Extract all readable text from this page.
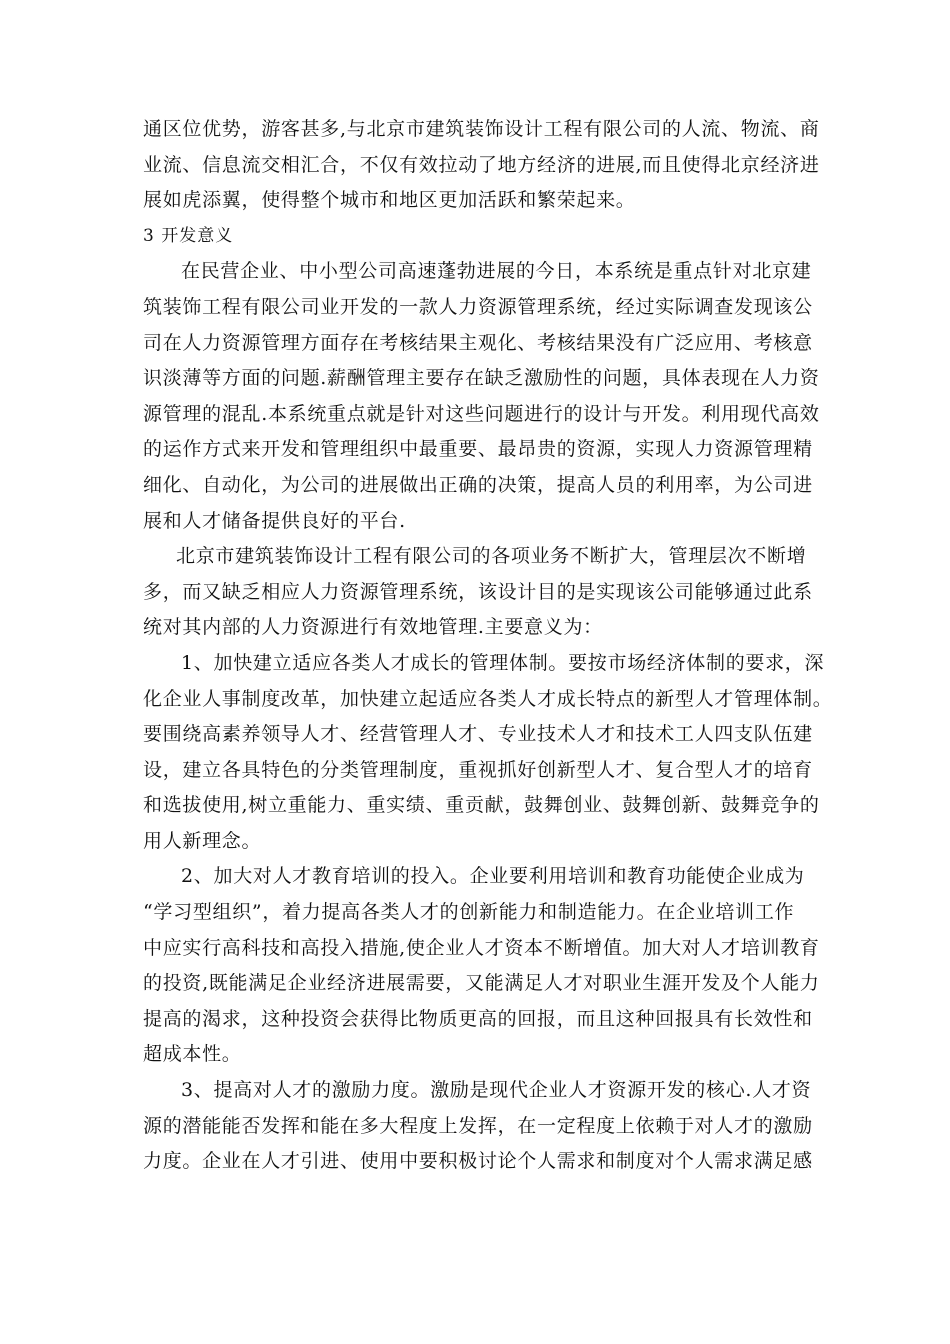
通区位优势，游客甚多,与北京市建筑装饰设计工程有限公司的人流、物流、商
业流、信息流交相汇合，不仅有效拉动了地方经济的进展,而且使得北京经济进
展如虎添翼，使得整个城市和地区更加活跃和繁荣起来。
3 开发意义
在民营企业、中小型公司高速蓬勃进展的今日，本系统是重点针对北京建
筑装饰工程有限公司业开发的一款人力资源管理系统，经过实际调查发现该公
司在人力资源管理方面存在考核结果主观化、考核结果没有广泛应用、考核意
识淡薄等方面的问题.薪酬管理主要存在缺乏激励性的问题，具体表现在人力资
源管理的混乱.本系统重点就是针对这些问题进行的设计与开发。利用现代高效
的运作方式来开发和管理组织中最重要、最昂贵的资源，实现人力资源管理精
细化、自动化，为公司的进展做出正确的决策，提高人员的利用率，为公司进
展和人才储备提供良好的平台.
北京市建筑装饰设计工程有限公司的各项业务不断扩大，管理层次不断增
多，而又缺乏相应人力资源管理系统，该设计目的是实现该公司能够通过此系
统对其内部的人力资源进行有效地管理.主要意义为：
1、加快建立适应各类人才成长的管理体制。要按市场经济体制的要求，深
化企业人事制度改革，加快建立起适应各类人才成长特点的新型人才管理体制。
要围绕高素养领导人才、经营管理人才、专业技术人才和技术工人四支队伍建
设，建立各具特色的分类管理制度，重视抓好创新型人才、复合型人才的培育
和选拔使用,树立重能力、重实绩、重贡献，鼓舞创业、鼓舞创新、鼓舞竞争的
用人新理念。
2、加大对人才教育培训的投入。企业要利用培训和教育功能使企业成为
“学习型组织”，着力提高各类人才的创新能力和制造能力。在企业培训工作
中应实行高科技和高投入措施,使企业人才资本不断增值。加大对人才培训教育
的投资,既能满足企业经济进展需要，又能满足人才对职业生涯开发及个人能力
提高的渴求，这种投资会获得比物质更高的回报，而且这种回报具有长效性和
超成本性。
3、提高对人才的激励力度。激励是现代企业人才资源开发的核心.人才资
源的潜能能否发挥和能在多大程度上发挥，在一定程度上依赖于对人才的激励
力度。企业在人才引进、使用中要积极讨论个人需求和制度对个人需求满足感
